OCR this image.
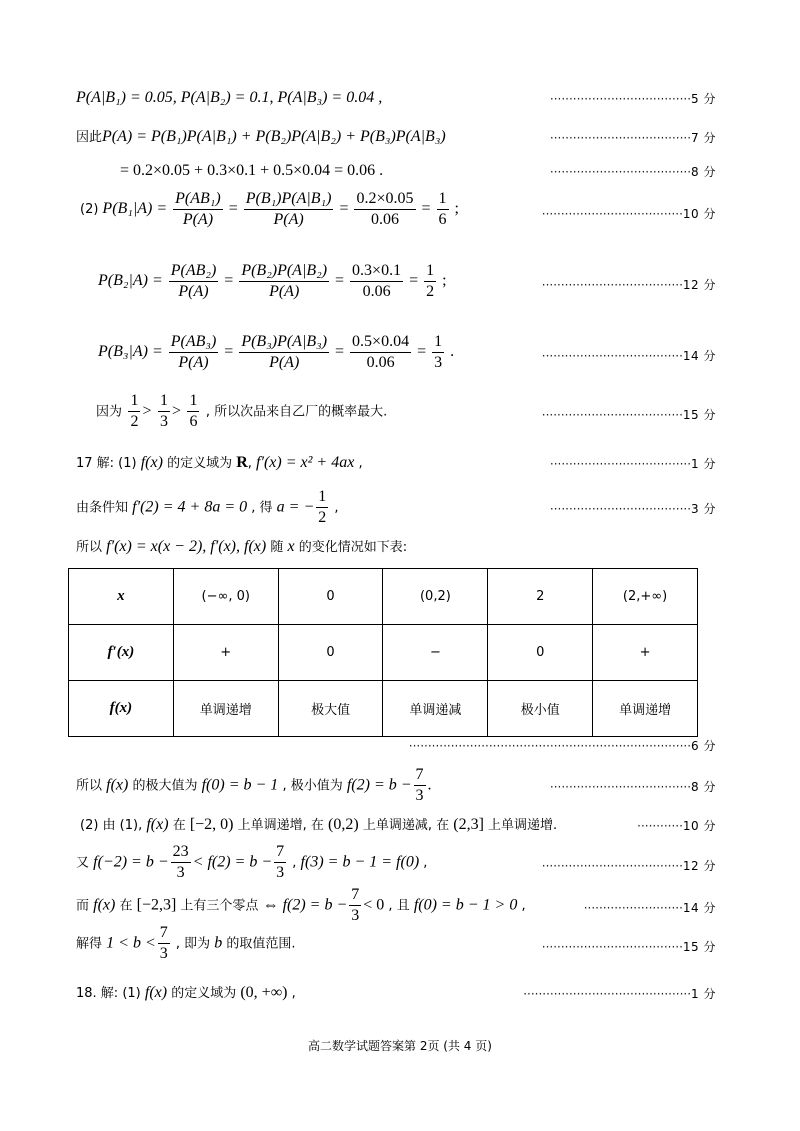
P(A|B₁) = 0.05, P(A|B₂) = 0.1, P(A|B₃) = 0.04 ,	·····································5 分
因此P(A) = P(B₁)P(A|B₁) + P(B₂)P(A|B₂) + P(B₃)P(A|B₃)	·····································7 分
= 0.2×0.05 + 0.3×0.1 + 0.5×0.04 = 0.06 .	·····································8 分
(2) $P(B_1|A) = \frac{\text{P(AB₁)}}{P(A)} = \frac{\text{P(B₁)P(A|B₁)}}{P(A)} = \frac{0.2\times 0.05}{0.06} = \frac{1}{6}$ ;	·····································10 分
$P(B_2|A) = \frac{\text{P(AB₂)}}{P(A)} = \frac{\text{P(B₂)P(A|B₂)}}{P(A)} = \frac{0.3\times 0.1}{0.06} = \frac{1}{2}$ ;	·····································12 分
$P(B_3|A) = \frac{\text{P(AB₃)}}{P(A)} = \frac{\text{P(B₃)P(A|B₃)}}{P(A)} = \frac{0.5\times 0.04}{0.06} = \frac{1}{3}$ .	·····································14 分
因为 $\frac{1}{2} > \frac{1}{3} > \frac{1}{6}$ , 所以次品来自乙厂的概率最大.	·····································15 分
17 解: (1) f(x) 的定义域为 R, f′(x) = x² + 4ax ,	·····································1 分
由条件知 f′(2) = 4 + 8a = 0 , 得 a = − $\frac{1}{2}$ ,	·····································3 分
所以 f′(x) = x(x − 2), f′(x), f(x) 随 x 的变化情况如下表:
x	(−∞, 0)	0	(0,2)	2	(2,+∞)
f′(x)	+	0	−	0	+
f(x)	单调递增	极大值	单调递减	极小值	单调递增
··········································································6 分
所以 f(x) 的极大值为 f(0) = b − 1 , 极小值为 $f(2) = b - \frac{7}{3}$ .	·····································8 分
(2) 由 (1), f(x) 在 [−2, 0) 上单调递增, 在 (0,2) 上单调递减, 在 (2,3] 上单调递增.	············10 分
又 $f(-2) = b - \frac{23}{3} < f(2) = b - \frac{7}{3}$ , f(3) = b − 1 = f(0) ,	·····································12 分
而 f(x) 在 [−2,3] 上有三个零点 ⇔ $f(2) = b - \frac{7}{3} < 0$ , 且 f(0) = b − 1 > 0 ,	··························14 分
解得 $1 < b < \frac{7}{3}$ , 即为 b 的取值范围.	·····································15 分
18. 解: (1) f(x) 的定义域为 (0, +∞) ,	············································1 分
高二数学试题答案第 2页 (共 4 页)
